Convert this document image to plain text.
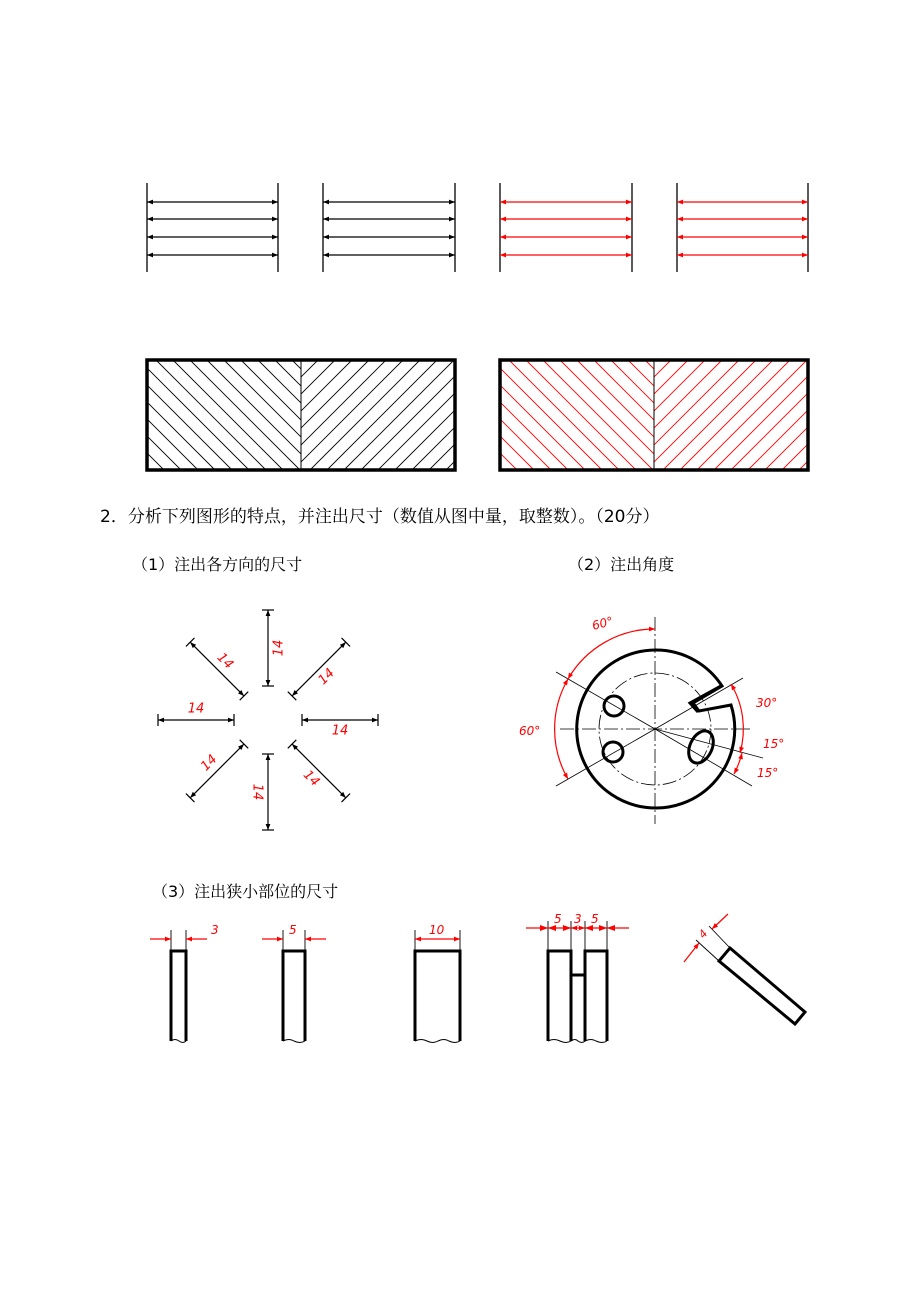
14
14
14
14
14
14
14
14
60°
60°
30°
15°
15°
3	5	10
5 3 5
4
2．分析下列图形的特点，并注出尺寸（数值从图中量，取整数）。（20分）
（1）注出各方向的尺寸	（2）注出角度
（3）注出狭小部位的尺寸
